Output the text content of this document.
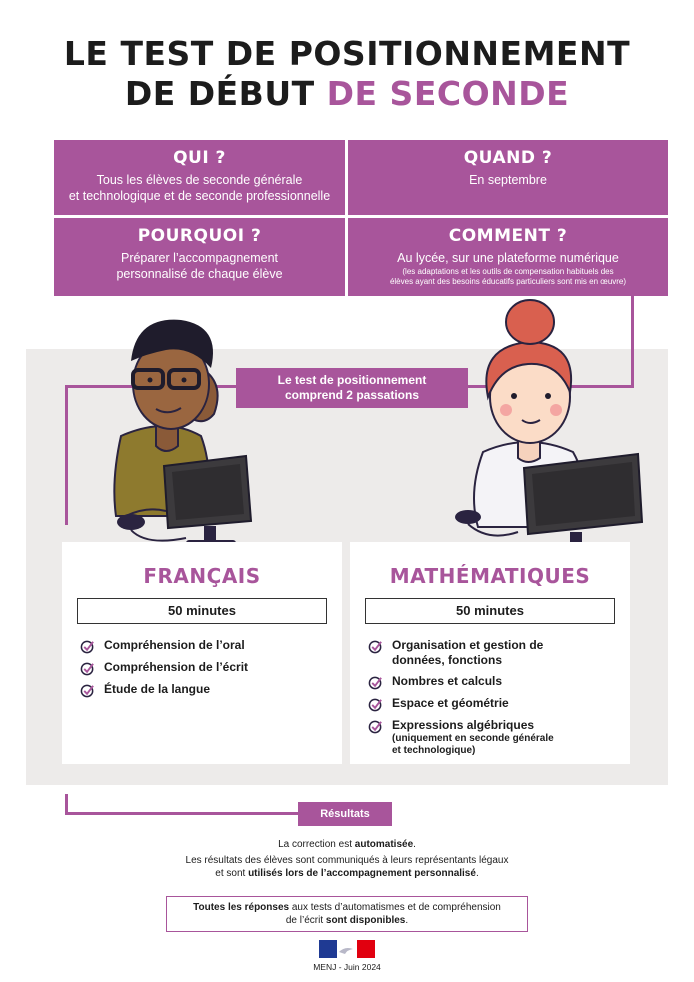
LE TEST DE POSITIONNEMENT
DE DÉBUT DE SECONDE
QUI ?

Tous les élèves de seconde générale
et technologique et de seconde professionnelle

QUAND ?

En septembre

POURQUOI ?

Préparer l’accompagnement
personnalisé de chaque élève

COMMENT ?

Au lycée, sur une plateforme numérique

(les adaptations et les outils de compensation habituels des
élèves ayant des besoins éducatifs particuliers sont mis en œuvre)

Le test de positionnement
comprend 2 passations
FRANÇAIS
50 minutes
Compréhension de l’oral
Compréhension de l’écrit
Étude de la langue
MATHÉMATIQUES
50 minutes
Organisation et gestion de
données, fonctions
Nombres et calculs
Espace et géométrie
Expressions algébriques
(uniquement en seconde générale
et technologique)
Résultats

La correction est automatisée.

Les résultats des élèves sont communiqués à leurs représentants légaux
et sont utilisés lors de l’accompagnement personnalisé.

Toutes les réponses aux tests d’automatismes et de compréhension
de l’écrit sont disponibles.
MENJ - Juin 2024
